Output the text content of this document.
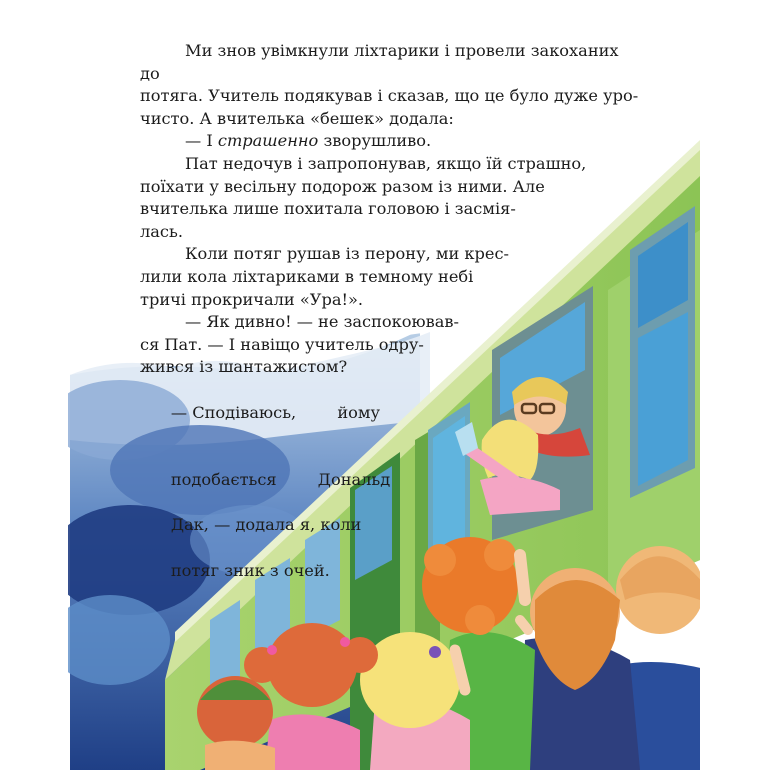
Ми знов увімкнули ліхтарики і провели закоханих до

потяга. Учитель подякував і сказав, що це було дуже уро-
чисто. А вчителька «бешек» додала:

— І страшенно зворушливо.

Пат недочув і запропонував, якщо їй страшно,

поїхати у весільну подорож разом із ними. Але
вчителька лише похитала головою і засмія-
лась.

Коли потяг рушав із перону, ми крес-

лили кола ліхтариками в темному небі
тричі прокричали «Ура!».

— Як дивно! — не заспокоював-

ся Пат. — І навіщо учитель одру-
жився із шантажистом?

— Сподіваюсь,        йому

подобається        Дональд

Дак, — додала я, коли

потяг зник з очей.
